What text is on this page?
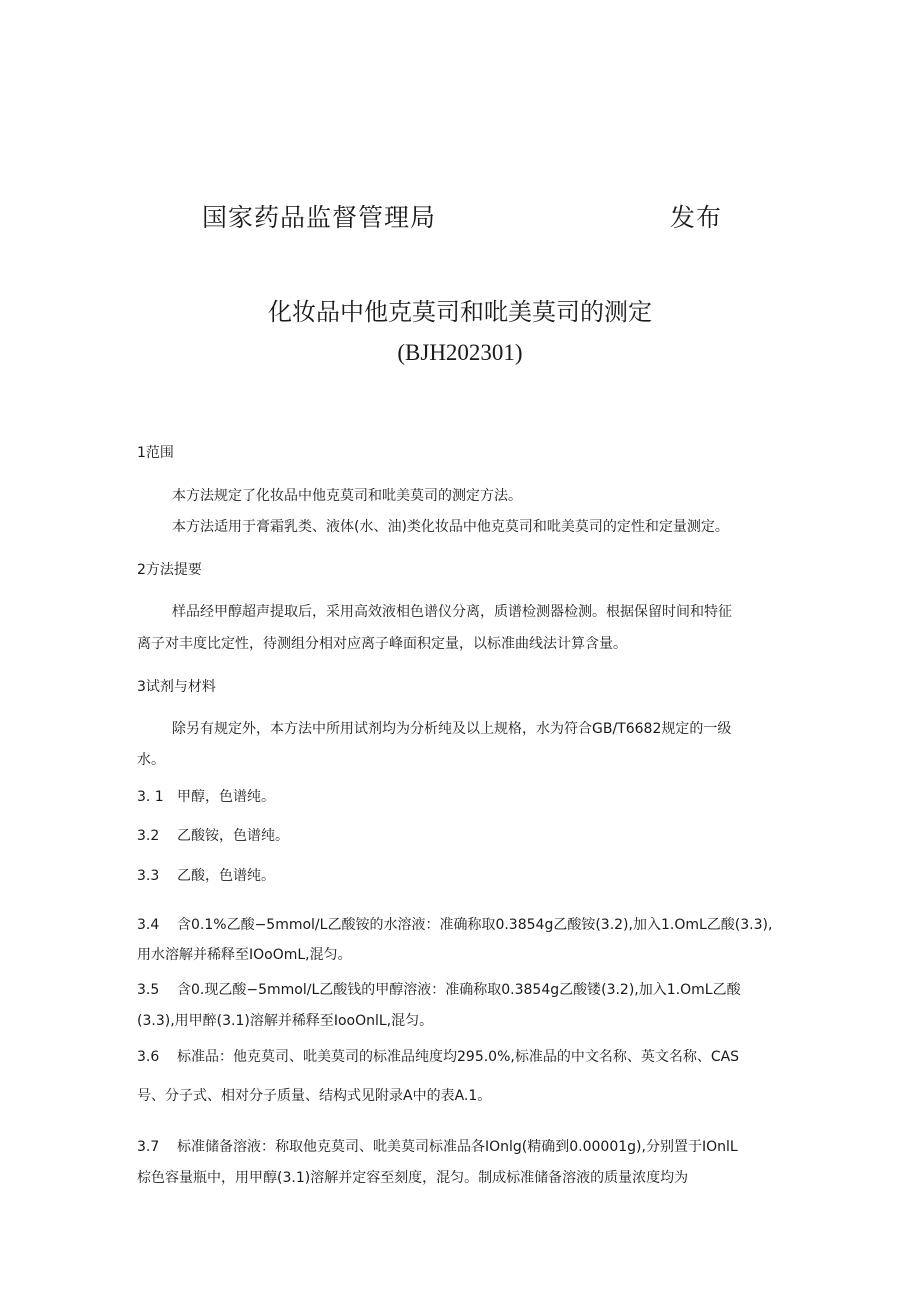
国家药品监督管理局	发布
化妆品中他克莫司和吡美莫司的测定
(BJH202301)
1范围
本方法规定了化妆品中他克莫司和吡美莫司的测定方法。
本方法适用于膏霜乳类、液体(水、油)类化妆品中他克莫司和吡美莫司的定性和定量测定。
2方法提要
样品经甲醇超声提取后，采用高效液相色谱仪分离，质谱检测器检测。根据保留时间和特征
离子对丰度比定性，待测组分相对应离子峰面积定量，以标准曲线法计算含量。
3试剂与材料
除另有规定外，本方法中所用试剂均为分析纯及以上规格，水为符合GB/T6682规定的一级
水。
3. 1 甲醇，色谱纯。
3.2 乙酸铵，色谱纯。
3.3 乙酸，色谱纯。
3.4 含0.1%乙酸−5mmol∕L乙酸铵的水溶液：准确称取0.3854g乙酸铵(3.2),加入1.OmL乙酸(3.3),
用水溶解并稀释至IOoOmL,混匀。
3.5 含0.现乙酸−5mmol∕L乙酸钱的甲醇溶液：准确称取0.3854g乙酸镂(3.2),加入1.OmL乙酸
(3.3),用甲醉(3.1)溶解并稀释至IooOnlL,混匀。
3.6 标准品：他克莫司、吡美莫司的标准品纯度均295.0%,标准品的中文名称、英文名称、CAS
号、分子式、相对分子质量、结构式见附录A中的表A.1。
3.7 标准储备溶液：称取他克莫司、吡美莫司标准品各IOnlg(精确到0.00001g),分别置于IOnlL
棕色容量瓶中，用甲醇(3.1)溶解并定容至刻度，混匀。制成标准储备溶液的质量浓度均为
